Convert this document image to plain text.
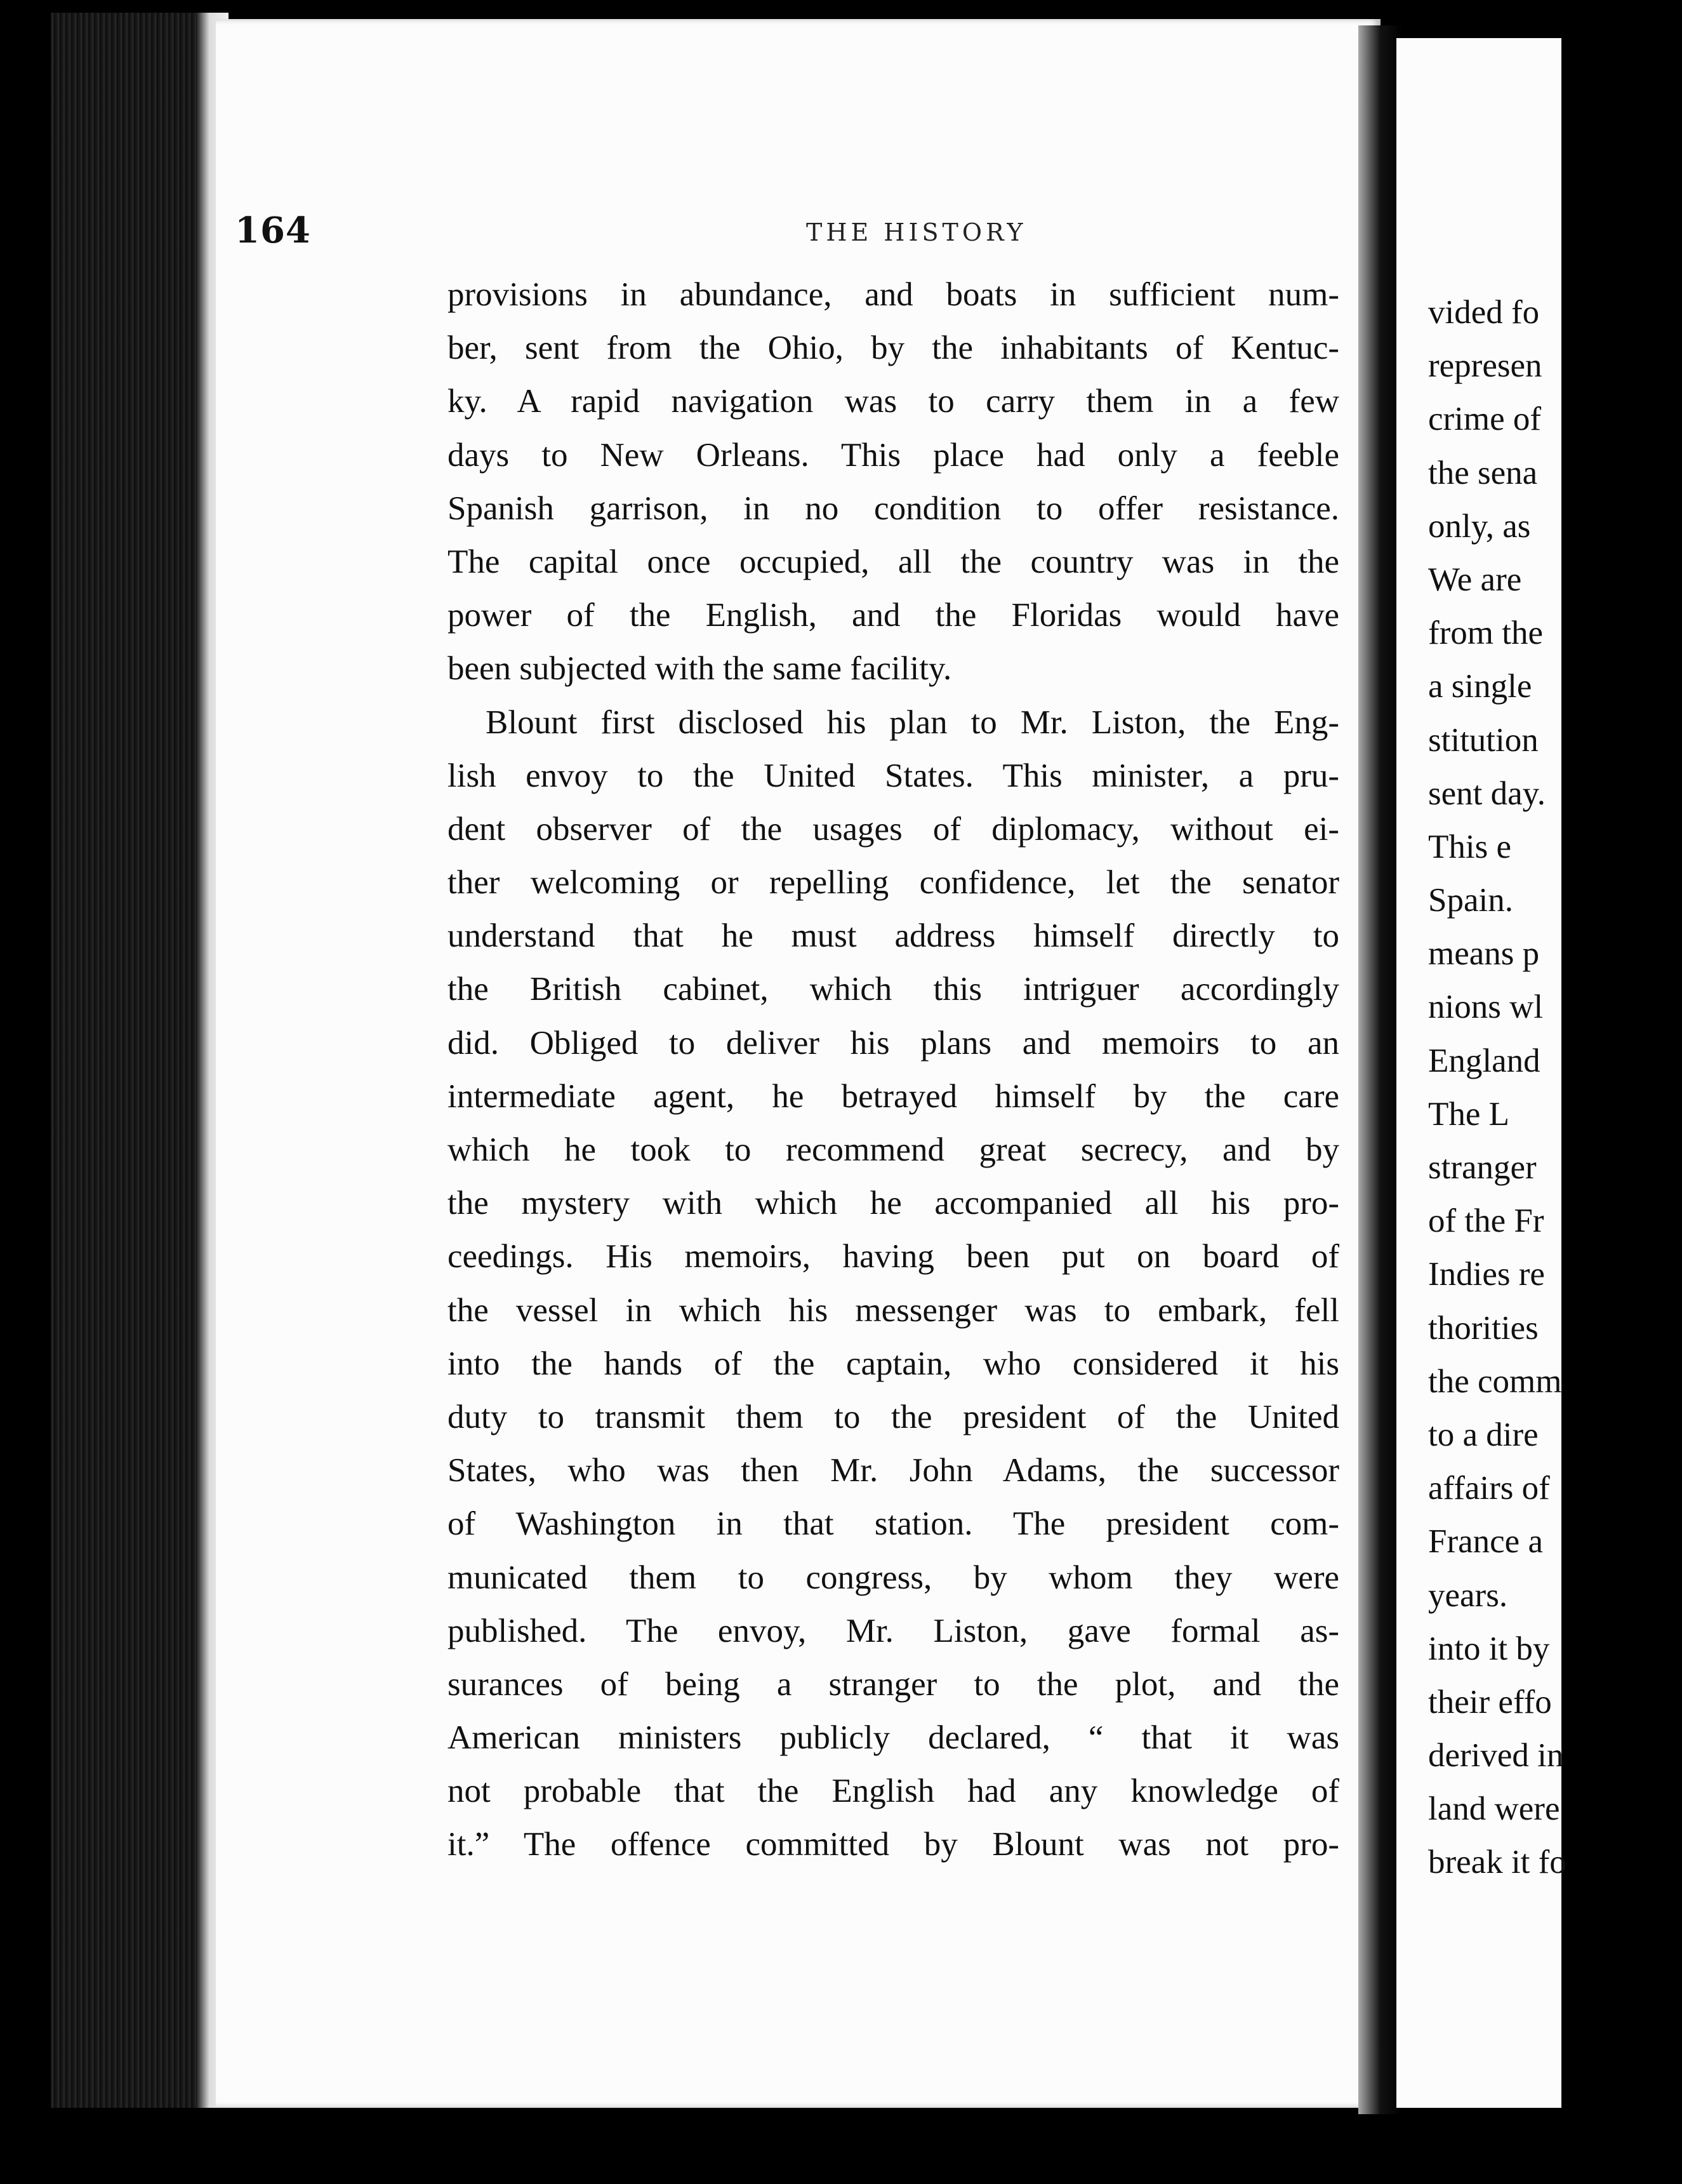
164	THE HISTORY
provisions in abundance, and boats in sufficient num-
ber, sent from the Ohio, by the inhabitants of Kentuc-
ky. A rapid navigation was to carry them in a few
days to New Orleans. This place had only a feeble
Spanish garrison, in no condition to offer resistance.
The capital once occupied, all the country was in the
power of the English, and the Floridas would have
been subjected with the same facility.
Blount first disclosed his plan to Mr. Liston, the Eng-
lish envoy to the United States. This minister, a pru-
dent observer of the usages of diplomacy, without ei-
ther welcoming or repelling confidence, let the senator
understand that he must address himself directly to
the British cabinet, which this intriguer accordingly
did. Obliged to deliver his plans and memoirs to an
intermediate agent, he betrayed himself by the care
which he took to recommend great secrecy, and by
the mystery with which he accompanied all his pro-
ceedings. His memoirs, having been put on board of
the vessel in which his messenger was to embark, fell
into the hands of the captain, who considered it his
duty to transmit them to the president of the United
States, who was then Mr. John Adams, the successor
of Washington in that station. The president com-
municated them to congress, by whom they were
published. The envoy, Mr. Liston, gave formal as-
surances of being a stranger to the plot, and the
American ministers publicly declared, “ that it was
not probable that the English had any knowledge of
it.” The offence committed by Blount was not pro-
vided fo
represen
crime of
the sena
only, as
We are
from the
a single
stitution
sent day.
This e
Spain.
means p
nions wl
England
The L
stranger
of the Fr
Indies re
thorities
the comm
to a dire
affairs of
France a
years.
into it by
their effo
derived in
land were
break it fo
